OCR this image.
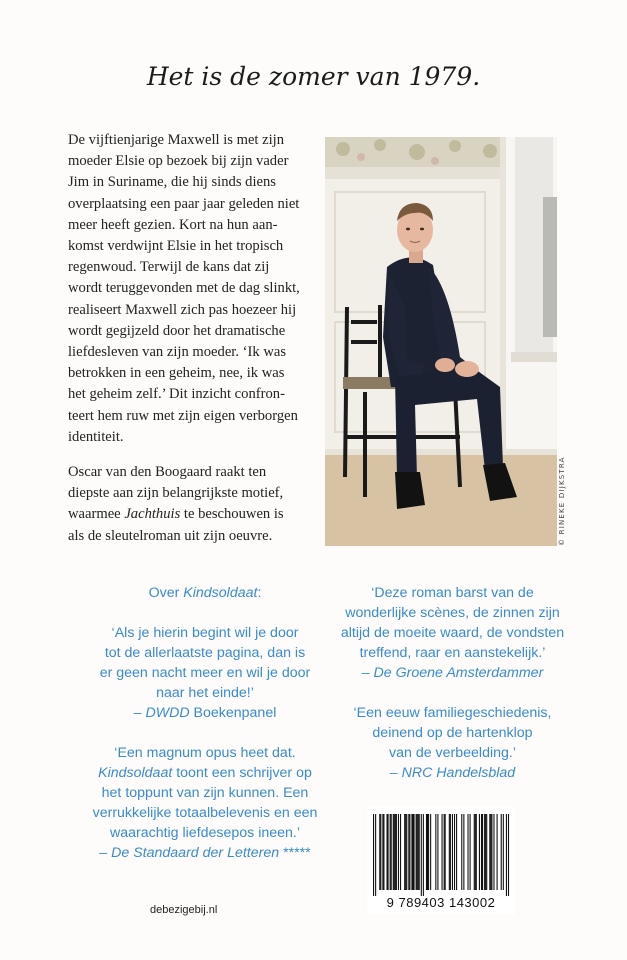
Het is de zomer van 1979.

De vijftienjarige Maxwell is met zijn
moeder Elsie op bezoek bij zijn vader
Jim in Suriname, die hij sinds diens
overplaatsing een paar jaar geleden niet
meer heeft gezien. Kort na hun aan-
komst verdwijnt Elsie in het tropisch
regenwoud. Terwijl de kans dat zij
wordt teruggevonden met de dag slinkt,
realiseert Maxwell zich pas hoezeer hij
wordt gegijzeld door het dramatische
liefdesleven van zijn moeder. ‘Ik was
betrokken in een geheim, nee, ik was
het geheim zelf.’ Dit inzicht confron-
teert hem ruw met zijn eigen verborgen
identiteit.

Oscar van den Boogaard raakt ten
diepste aan zijn belangrijkste motief,
waarmee Jachthuis te beschouwen is
als de sleutelroman uit zijn oeuvre.	© RINEKE DIJKSTRA
Over Kindsoldaat:
‘Als je hierin begint wil je door
tot de allerlaatste pagina, dan is
er geen nacht meer en wil je door
naar het einde!’
– DWDD Boekenpanel
‘Een magnum opus heet dat.
Kindsoldaat toont een schrijver op
het toppunt van zijn kunnen. Een
verrukkelijke totaalbelevenis en een
waarachtig liefdesepos ineen.’
– De Standaard der Letteren *****
‘Deze roman barst van de
wonderlijke scènes, de zinnen zijn
altijd de moeite waard, de vondsten
treffend, raar en aanstekelijk.’
– De Groene Amsterdammer
‘Een eeuw familiegeschiedenis,
deinend op de hartenklop
van de verbeelding.’
– NRC Handelsblad
9 789403 143002
debezigebij.nl
